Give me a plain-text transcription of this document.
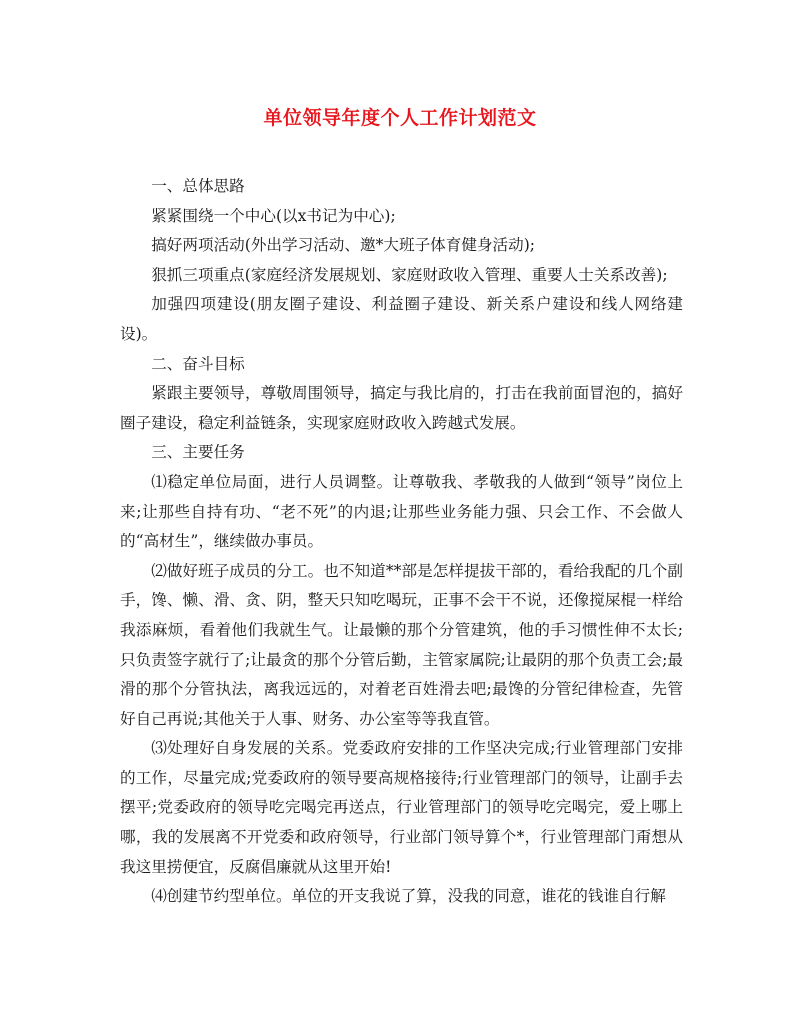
单位领导年度个人工作计划范文

一、总体思路

紧紧围绕一个中心(以x书记为中心);

搞好两项活动(外出学习活动、邀*大班子体育健身活动);

狠抓三项重点(家庭经济发展规划、家庭财政收入管理、重要人士关系改善);

加强四项建设(朋友圈子建设、利益圈子建设、新关系户建设和线人网络建设)。

二、奋斗目标

紧跟主要领导，尊敬周围领导，搞定与我比肩的，打击在我前面冒泡的，搞好圈子建设，稳定利益链条，实现家庭财政收入跨越式发展。

三、主要任务

⑴稳定单位局面，进行人员调整。让尊敬我、孝敬我的人做到“领导”岗位上来;让那些自持有功、“老不死”的内退;让那些业务能力强、只会工作、不会做人的“高材生”，继续做办事员。

⑵做好班子成员的分工。也不知道**部是怎样提拔干部的，看给我配的几个副手，馋、懒、滑、贪、阴，整天只知吃喝玩，正事不会干不说，还像搅屎棍一样给我添麻烦，看着他们我就生气。让最懒的那个分管建筑，他的手习惯性伸不太长;只负责签字就行了;让最贪的那个分管后勤，主管家属院;让最阴的那个负责工会;最滑的那个分管执法，离我远远的，对着老百姓滑去吧;最馋的分管纪律检查，先管好自己再说;其他关于人事、财务、办公室等等我直管。

⑶处理好自身发展的关系。党委政府安排的工作坚决完成;行业管理部门安排的工作，尽量完成;党委政府的领导要高规格接待;行业管理部门的领导，让副手去摆平;党委政府的领导吃完喝完再送点，行业管理部门的领导吃完喝完，爱上哪上哪，我的发展离不开党委和政府领导，行业部门领导算个*，行业管理部门甭想从我这里捞便宜，反腐倡廉就从这里开始!

⑷创建节约型单位。单位的开支我说了算，没我的同意，谁花的钱谁自行解
